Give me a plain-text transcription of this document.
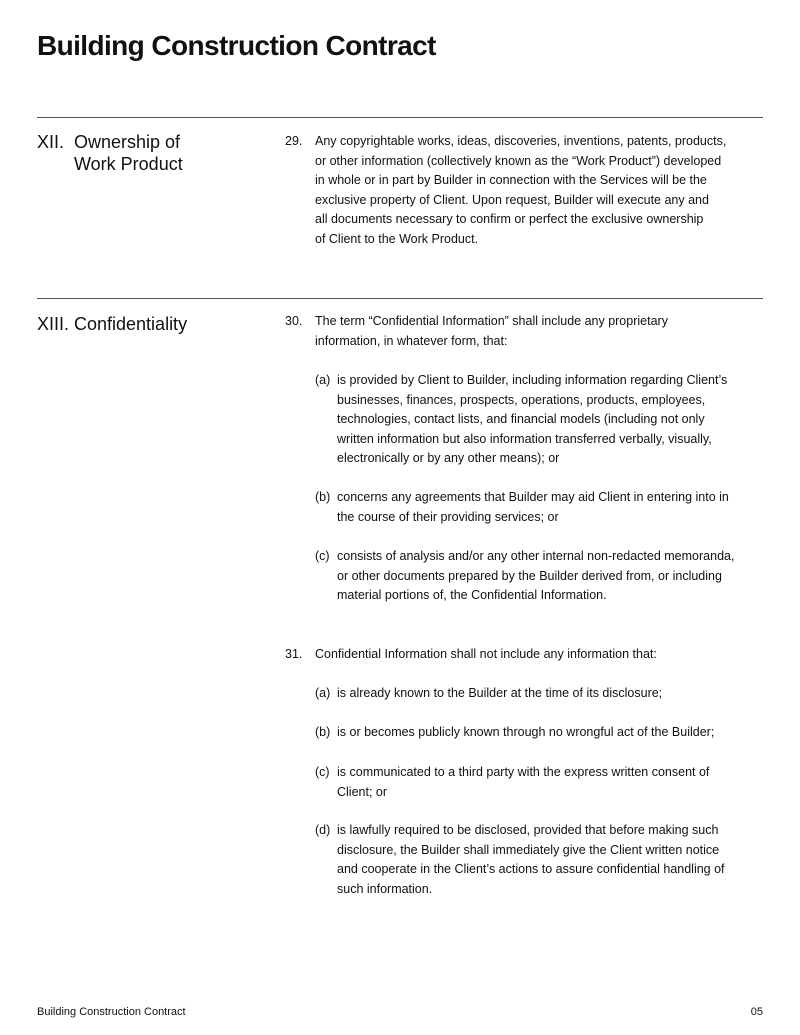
Building Construction Contract
XII. Ownership of
Work Product
29. Any copyrightable works, ideas, discoveries, inventions, patents, products,
or other information (collectively known as the “Work Product”) developed
in whole or in part by Builder in connection with the Services will be the
exclusive property of Client. Upon request, Builder will execute any and
all documents necessary to confirm or perfect the exclusive ownership
of Client to the Work Product.
XIII. Confidentiality	30. The term “Confidential Information” shall include any proprietary
information, in whatever form, that:
(a) is provided by Client to Builder, including information regarding Client’s
businesses, finances, prospects, operations, products, employees,
technologies, contact lists, and financial models (including not only
written information but also information transferred verbally, visually,
electronically or by any other means); or
(b) concerns any agreements that Builder may aid Client in entering into in
the course of their providing services; or
(c) consists of analysis and/or any other internal non-redacted memoranda,
or other documents prepared by the Builder derived from, or including
material portions of, the Confidential Information.
31. Confidential Information shall not include any information that:
(a) is already known to the Builder at the time of its disclosure;
(b) is or becomes publicly known through no wrongful act of the Builder;
(c) is communicated to a third party with the express written consent of
Client; or
(d) is lawfully required to be disclosed, provided that before making such
disclosure, the Builder shall immediately give the Client written notice
and cooperate in the Client’s actions to assure confidential handling of
such information.
Building Construction Contract	05
